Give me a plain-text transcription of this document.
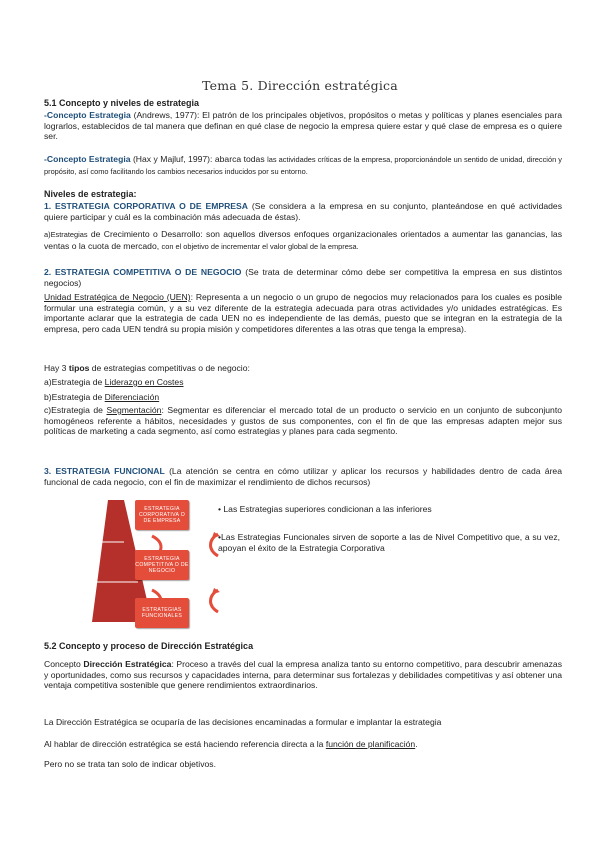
Tema 5. Dirección estratégica
5.1 Concepto y niveles de estrategia
-Concepto Estrategia (Andrews, 1977): El patrón de los principales objetivos, propósitos o metas y políticas y planes esenciales para lograrlos, establecidos de tal manera que definan en qué clase de negocio la empresa quiere estar y qué clase de empresa es o quiere ser.
-Concepto Estrategia (Hax y Majluf, 1997): abarca todas las actividades críticas de la empresa, proporcionándole un sentido de unidad, dirección y propósito, así como facilitando los cambios necesarios inducidos por su entorno.
Niveles de estrategia:
1. ESTRATEGIA CORPORATIVA O DE EMPRESA (Se considera a la empresa en su conjunto, planteándose en qué actividades quiere participar y cuál es la combinación más adecuada de éstas).
a)Estrategias de Crecimiento o Desarrollo: son aquellos diversos enfoques organizacionales orientados a aumentar las ganancias, las ventas o la cuota de mercado, con el objetivo de incrementar el valor global de la empresa.
2. ESTRATEGIA COMPETITIVA O DE NEGOCIO (Se trata de determinar cómo debe ser competitiva la empresa en sus distintos negocios)
Unidad Estratégica de Negocio (UEN): Representa a un negocio o un grupo de negocios muy relacionados para los cuales es posible formular una estrategia común, y a su vez diferente de la estrategia adecuada para otras actividades y/o unidades estratégicas. Es importante aclarar que la estrategia de cada UEN no es independiente de las demás, puesto que se integran en la estrategia de la empresa, pero cada UEN tendrá su propia misión y competidores diferentes a las otras que tenga la empresa).
Hay 3 tipos de estrategias competitivas o de negocio:
a)Estrategia de Liderazgo en Costes
b)Estrategia de Diferenciación
c)Estrategia de Segmentación: Segmentar es diferenciar el mercado total de un producto o servicio en un conjunto de subconjunto homogéneos referente a hábitos, necesidades y gustos de sus componentes, con el fin de que las empresas adapten mejor sus políticas de marketing a cada segmento, así como estrategias y planes para cada segmento.
3. ESTRATEGIA FUNCIONAL (La atención se centra en cómo utilizar y aplicar los recursos y habilidades dentro de cada área funcional de cada negocio, con el fin de maximizar el rendimiento de dichos recursos)
ESTRATEGIA CORPORATIVA O DE EMPRESA
ESTRATEGIA COMPETITIVA O DE NEGOCIO
ESTRATEGIAS FUNCIONALES
• Las Estrategias superiores condicionan a las inferiores
•Las Estrategias Funcionales sirven de soporte a las de Nivel Competitivo que, a su vez, apoyan el éxito de la Estrategia Corporativa
5.2 Concepto y proceso de Dirección Estratégica
Concepto Dirección Estratégica: Proceso a través del cual la empresa analiza tanto su entorno competitivo, para descubrir amenazas y oportunidades, como sus recursos y capacidades interna, para determinar sus fortalezas y debilidades competitivas y así obtener una ventaja competitiva sostenible que genere rendimientos extraordinarios.
La Dirección Estratégica se ocuparía de las decisiones encaminadas a formular e implantar la estrategia
Al hablar de dirección estratégica se está haciendo referencia directa a la función de planificación.
Pero no se trata tan solo de indicar objetivos.
